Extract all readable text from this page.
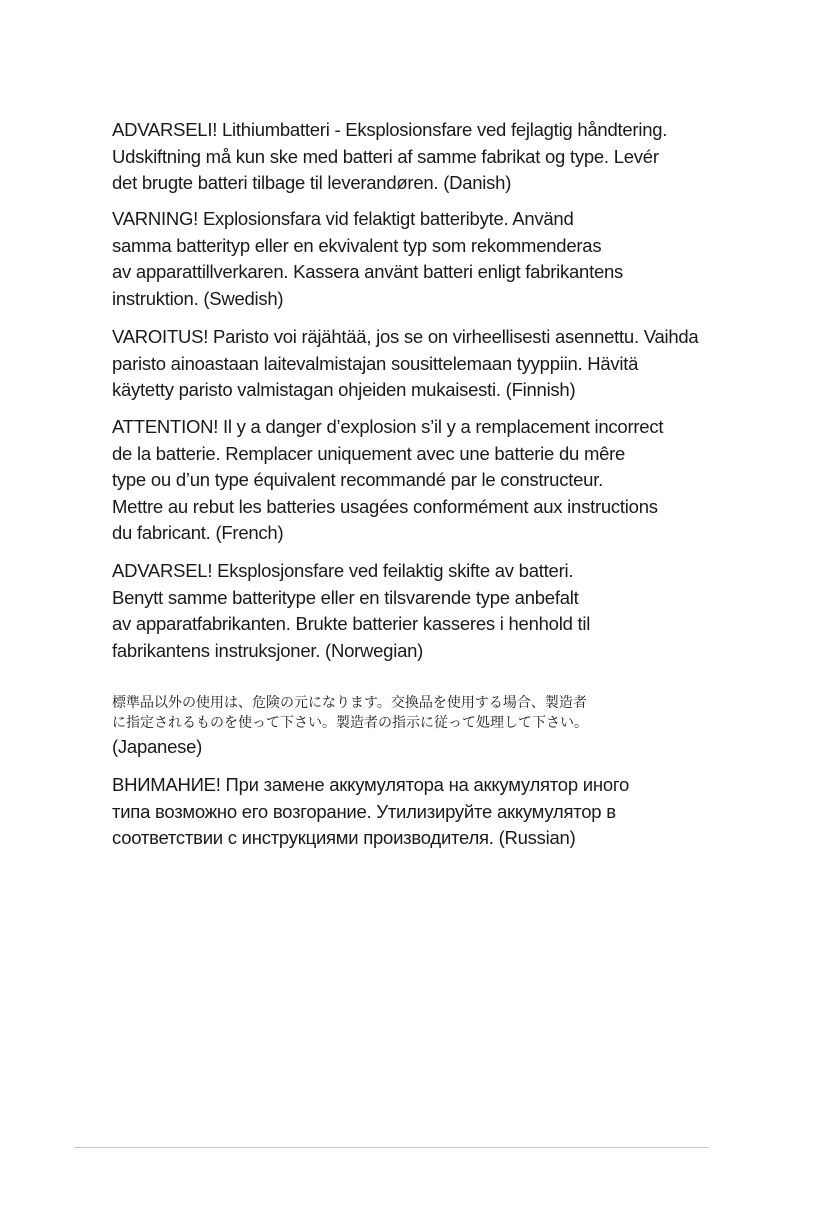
ADVARSELI! Lithiumbatteri - Eksplosionsfare ved fejlagtig håndtering.
Udskiftning må kun ske med batteri af samme fabrikat og type. Levér
det brugte batteri tilbage til leverandøren. (Danish)
VARNING! Explosionsfara vid felaktigt batteribyte. Använd
samma batterityp eller en ekvivalent typ som rekommenderas
av apparattillverkaren. Kassera använt batteri enligt fabrikantens
instruktion. (Swedish)
VAROITUS! Paristo voi räjähtää, jos se on virheellisesti asennettu. Vaihda
paristo ainoastaan laitevalmistajan sousittelemaan tyyppiin. Hävitä
käytetty paristo valmistagan ohjeiden mukaisesti. (Finnish)
ATTENTION! Il y a danger d’explosion s’il y a remplacement incorrect
de la batterie. Remplacer uniquement avec une batterie du mêre
type ou d’un type équivalent recommandé par le constructeur.
Mettre au rebut les batteries usagées conformément aux instructions
du fabricant. (French)
ADVARSEL! Eksplosjonsfare ved feilaktig skifte av batteri.
Benytt samme batteritype eller en tilsvarende type anbefalt
av apparatfabrikanten. Brukte batterier kasseres i henhold til
fabrikantens instruksjoner. (Norwegian)
標準品以外の使用は、危険の元になります。交換品を使用する場合、製造者
に指定されるものを使って下さい。製造者の指示に従って処理して下さい。
(Japanese)
ВНИМАНИЕ! При замене аккумулятора на аккумулятор иного
типа возможно его возгорание. Утилизируйте аккумулятор в
соответствии с инструкциями производителя. (Russian)
